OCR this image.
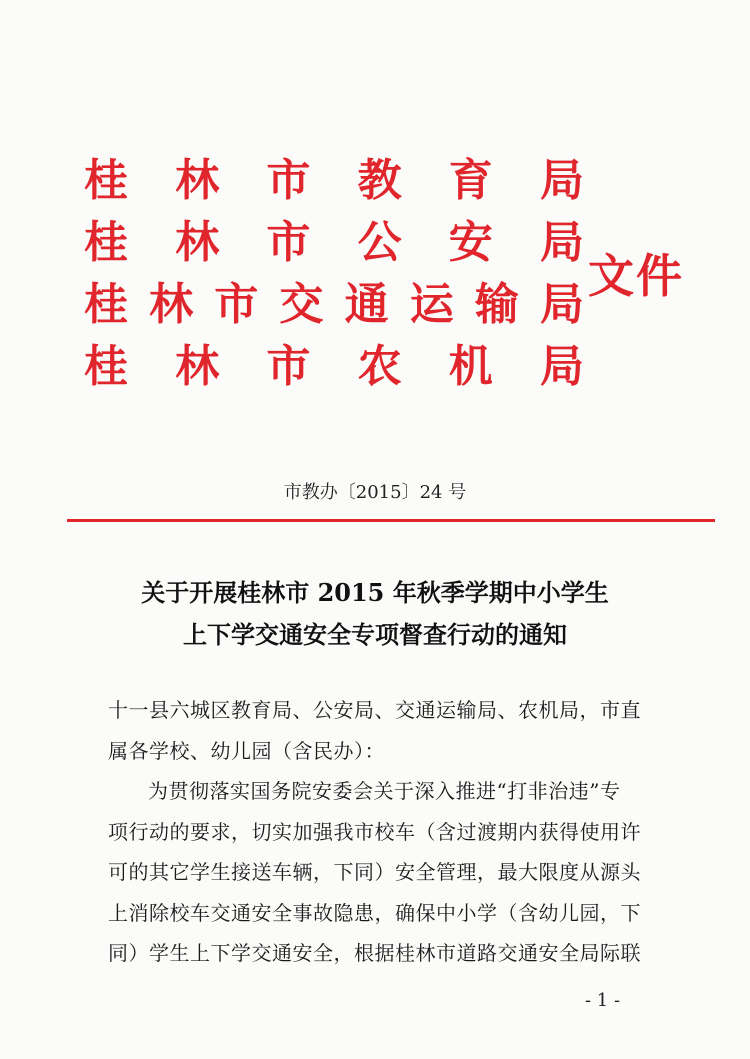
桂 林 市 教 育 局
桂 林 市 公 安 局
桂 林 市 交 通 运 输 局
桂 林 市 农 机 局
文件
市教办〔2015〕24 号
关于开展桂林市 2015 年秋季学期中小学生
上下学交通安全专项督查行动的通知
十一县六城区教育局、公安局、交通运输局、农机局，市直
属各学校、幼儿园（含民办）：
为贯彻落实国务院安委会关于深入推进“打非治违”专
项行动的要求，切实加强我市校车（含过渡期内获得使用许
可的其它学生接送车辆，下同）安全管理，最大限度从源头
上消除校车交通安全事故隐患，确保中小学（含幼儿园，下
同）学生上下学交通安全，根据桂林市道路交通安全局际联
- 1 -
